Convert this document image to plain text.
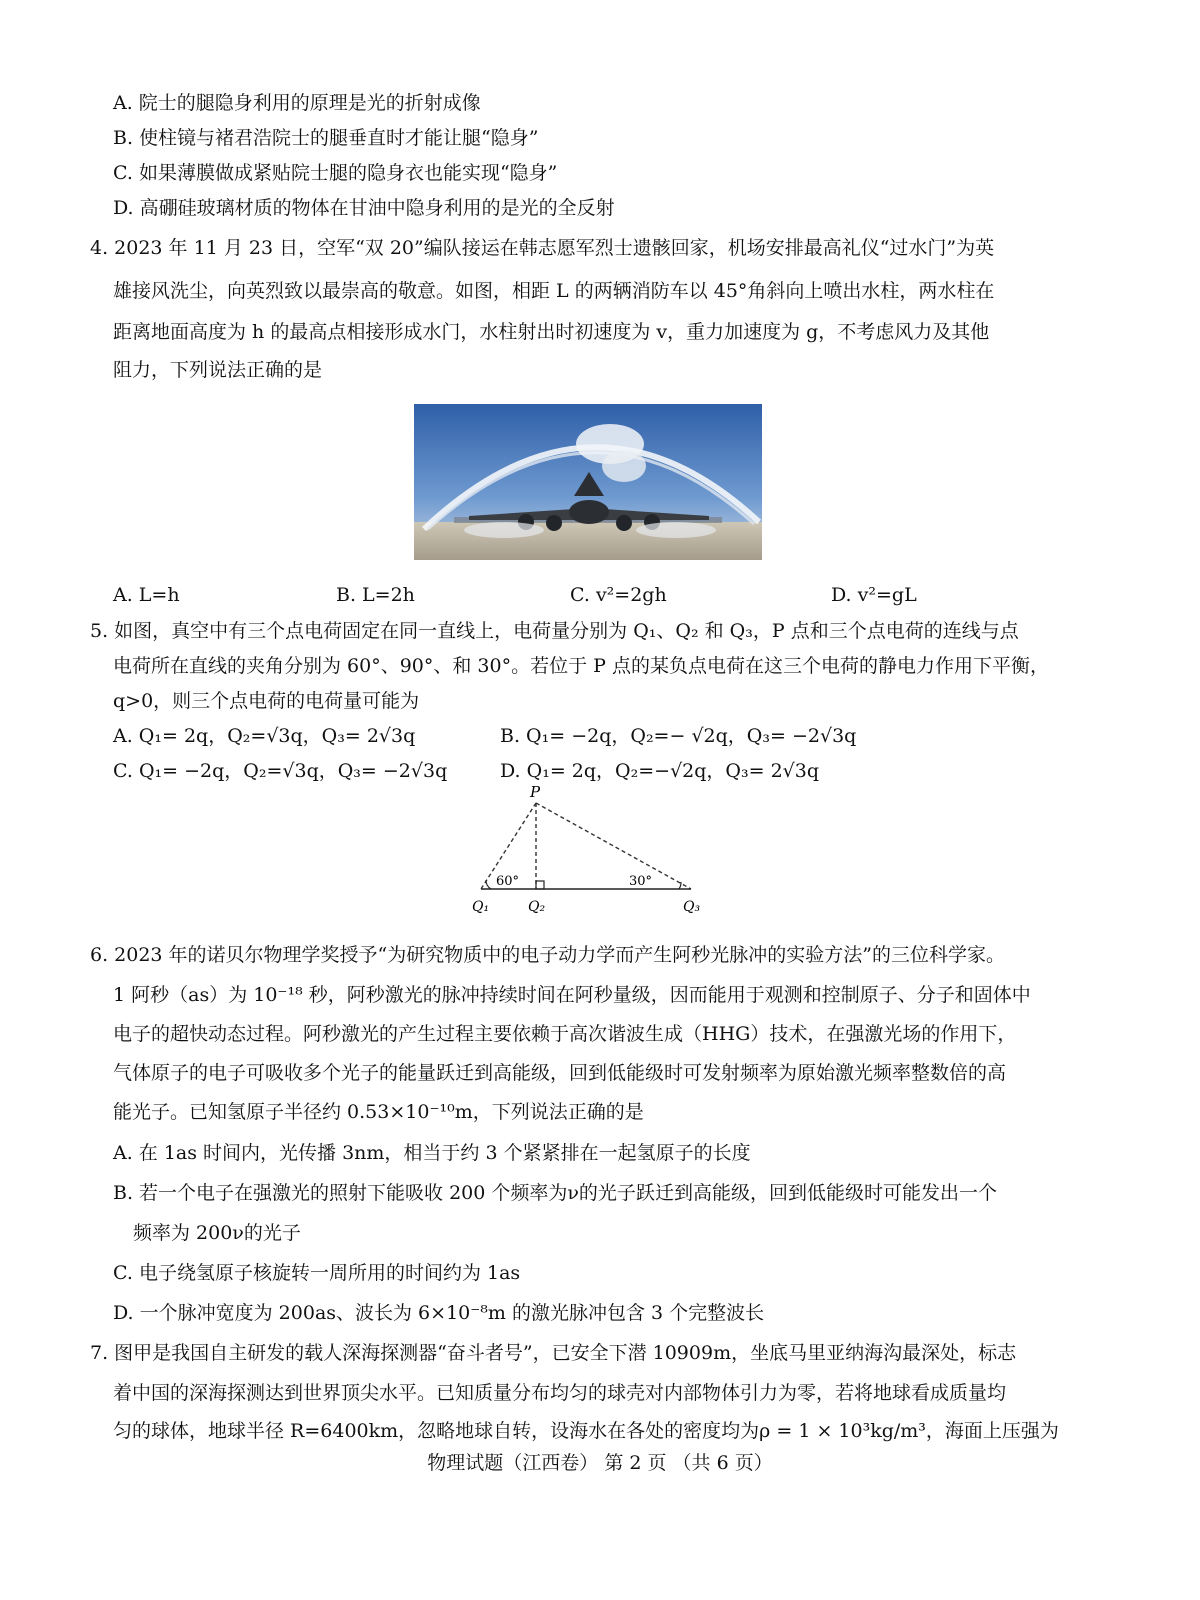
A. 院士的腿隐身利用的原理是光的折射成像
B. 使柱镜与褚君浩院士的腿垂直时才能让腿“隐身”
C. 如果薄膜做成紧贴院士腿的隐身衣也能实现“隐身”
D. 高硼硅玻璃材质的物体在甘油中隐身利用的是光的全反射
4. 2023 年 11 月 23 日，空军“双 20”编队接运在韩志愿军烈士遗骸回家，机场安排最高礼仪“过水门”为英
雄接风洗尘，向英烈致以最崇高的敬意。如图，相距 L 的两辆消防车以 45°角斜向上喷出水柱，两水柱在
距离地面高度为 h 的最高点相接形成水门，水柱射出时初速度为 v，重力加速度为 g，不考虑风力及其他
阻力，下列说法正确的是
A. L=h	B. L=2h	C. v²=2gh	D. v²=gL
5. 如图，真空中有三个点电荷固定在同一直线上，电荷量分别为 Q₁、Q₂ 和 Q₃，P 点和三个点电荷的连线与点
电荷所在直线的夹角分别为 60°、90°、和 30°。若位于 P 点的某负点电荷在这三个电荷的静电力作用下平衡，
q>0，则三个点电荷的电荷量可能为
A. Q₁= 2q，Q₂=√3q，Q₃= 2√3q	B. Q₁= −2q，Q₂=− √2q，Q₃= −2√3q
C. Q₁= −2q，Q₂=√3q，Q₃= −2√3q	D. Q₁= 2q，Q₂=−√2q，Q₃= 2√3q
P
60°	30°
Q₁	Q₂	Q₃
6. 2023 年的诺贝尔物理学奖授予“为研究物质中的电子动力学而产生阿秒光脉冲的实验方法”的三位科学家。
1 阿秒（as）为 10⁻¹⁸ 秒，阿秒激光的脉冲持续时间在阿秒量级，因而能用于观测和控制原子、分子和固体中
电子的超快动态过程。阿秒激光的产生过程主要依赖于高次谐波生成（HHG）技术，在强激光场的作用下，
气体原子的电子可吸收多个光子的能量跃迁到高能级，回到低能级时可发射频率为原始激光频率整数倍的高
能光子。已知氢原子半径约 0.53×10⁻¹⁰m，下列说法正确的是
A. 在 1as 时间内，光传播 3nm，相当于约 3 个紧紧排在一起氢原子的长度
B. 若一个电子在强激光的照射下能吸收 200 个频率为ν的光子跃迁到高能级，回到低能级时可能发出一个
频率为 200ν的光子
C. 电子绕氢原子核旋转一周所用的时间约为 1as
D. 一个脉冲宽度为 200as、波长为 6×10⁻⁸m 的激光脉冲包含 3 个完整波长
7. 图甲是我国自主研发的载人深海探测器“奋斗者号”，已安全下潜 10909m，坐底马里亚纳海沟最深处，标志
着中国的深海探测达到世界顶尖水平。已知质量分布均匀的球壳对内部物体引力为零，若将地球看成质量均
匀的球体，地球半径 R=6400km，忽略地球自转，设海水在各处的密度均为ρ = 1 × 10³kg/m³，海面上压强为
物理试题（江西卷） 第 2 页 （共 6 页）
